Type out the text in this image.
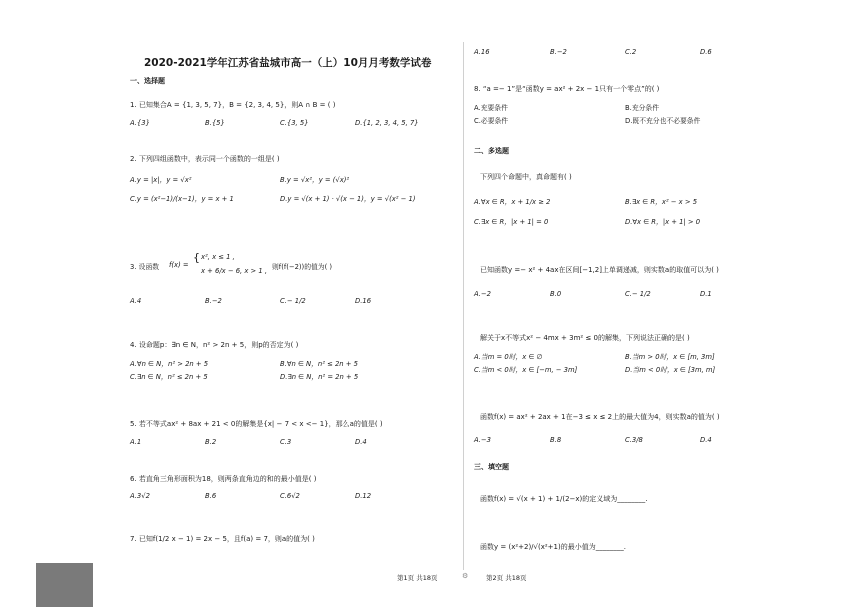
2020-2021学年江苏省盐城市高一（上）10月月考数学试卷
一、选择题
1. 已知集合A = {1, 3, 5, 7}，B = {2, 3, 4, 5}，则A ∩ B = ( )
A.{3}	B.{5}	C.{3, 5}	D.{1, 2, 3, 4, 5, 7}
2. 下列四组函数中，表示同一个函数的一组是( )
A.y = |x|，y = √x²	B.y = √x²，y = (√x)²
C.y = (x²−1)/(x−1)，y = x + 1	D.y = √(x + 1) · √(x − 1)，y = √(x² − 1)
3. 设函数 f(x) =
{ x², x ≤ 1 ,
x + 6/x − 6, x > 1 , 则f(f(−2))的值为( )
A.4	B.−2	C.− 1/2	D.16
4. 设命题p：∃n ∈ N，n² > 2n + 5，则p的否定为( )
A.∀n ∈ N，n² > 2n + 5	B.∀n ∈ N，n² ≤ 2n + 5
C.∃n ∈ N，n² ≤ 2n + 5	D.∃n ∈ N，n² = 2n + 5
5. 若不等式ax² + 8ax + 21 < 0的解集是{x| − 7 < x <− 1}，那么a的值是( )
A.1	B.2	C.3	D.4
6. 若直角三角形面积为18，则两条直角边的和的最小值是( )
A.3√2	B.6	C.6√2	D.12
7. 已知f(1/2 x − 1) = 2x − 5，且f(a) = 7，则a的值为( )
A.16	B.−2	C.2	D.6
8. “a =− 1”是“函数y = ax² + 2x − 1只有一个零点”的( )
A.充要条件	B.充分条件
C.必要条件	D.既不充分也不必要条件
二、多选题
下列四个命题中，真命题有( )
A.∀x ∈ R，x + 1/x ≥ 2	B.∃x ∈ R，x² − x > 5
C.∃x ∈ R，|x + 1| = 0	D.∀x ∈ R，|x + 1| > 0
已知函数y =− x² + 4ax在区间[−1,2]上单调递减，则实数a的取值可以为( )
A.−2	B.0	C.− 1/2	D.1
解关于x不等式x² − 4mx + 3m² ≤ 0的解集，下列说法正确的是( )
A.当m = 0时，x ∈ ∅	B.当m > 0时，x ∈ [m, 3m]
C.当m < 0时，x ∈ [−m, − 3m]	D.当m < 0时，x ∈ [3m, m]
函数f(x) = ax² + 2ax + 1在−3 ≤ x ≤ 2上的最大值为4，则实数a的值为( )
A.−3	B.8	C.3/8	D.4
三、填空题
函数f(x) = √(x + 1) + 1/(2−x)的定义域为________.
函数y = (x²+2)/√(x²+1)的最小值为________.
第1页 共18页	⚙	第2页 共18页
